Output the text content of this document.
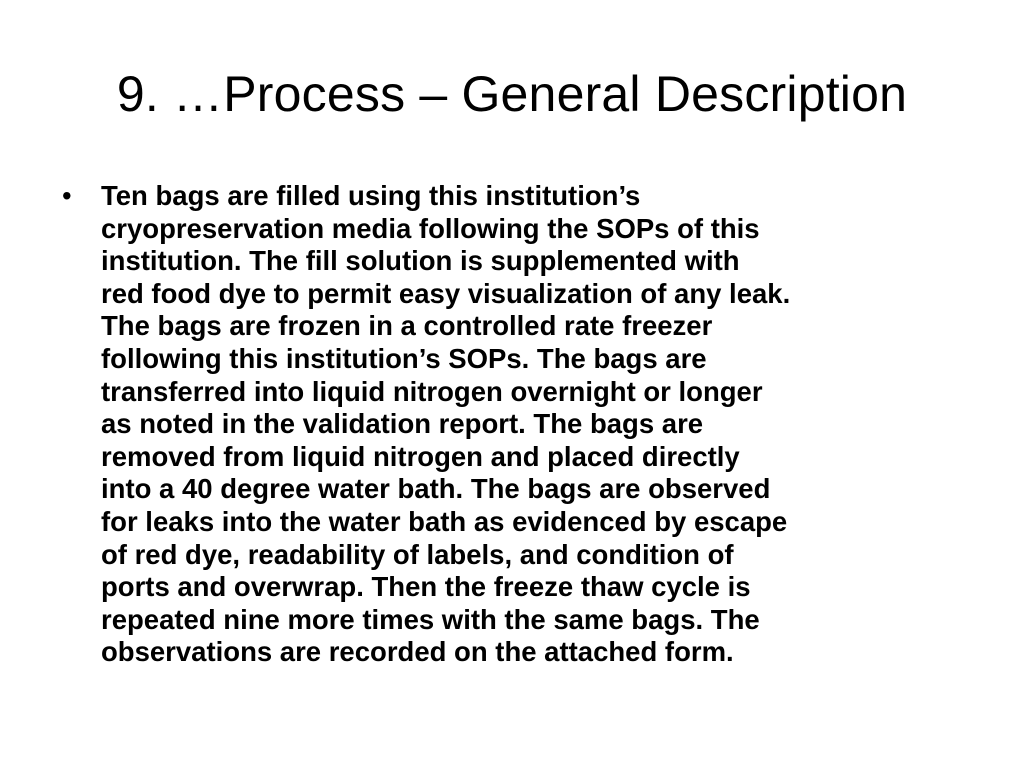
9. …Process – General Description
•	Ten bags are filled using this institution’s
cryopreservation media following the SOPs of this
institution. The fill solution is supplemented with
red food dye to permit easy visualization of any leak.
The bags are frozen in a controlled rate freezer
following this institution’s SOPs. The bags are
transferred into liquid nitrogen overnight or longer
as noted in the validation report. The bags are
removed from liquid nitrogen and placed directly
into a 40 degree water bath. The bags are observed
for leaks into the water bath as evidenced by escape
of red dye, readability of labels, and condition of
ports and overwrap. Then the freeze thaw cycle is
repeated nine more times with the same bags. The
observations are recorded on the attached form.
